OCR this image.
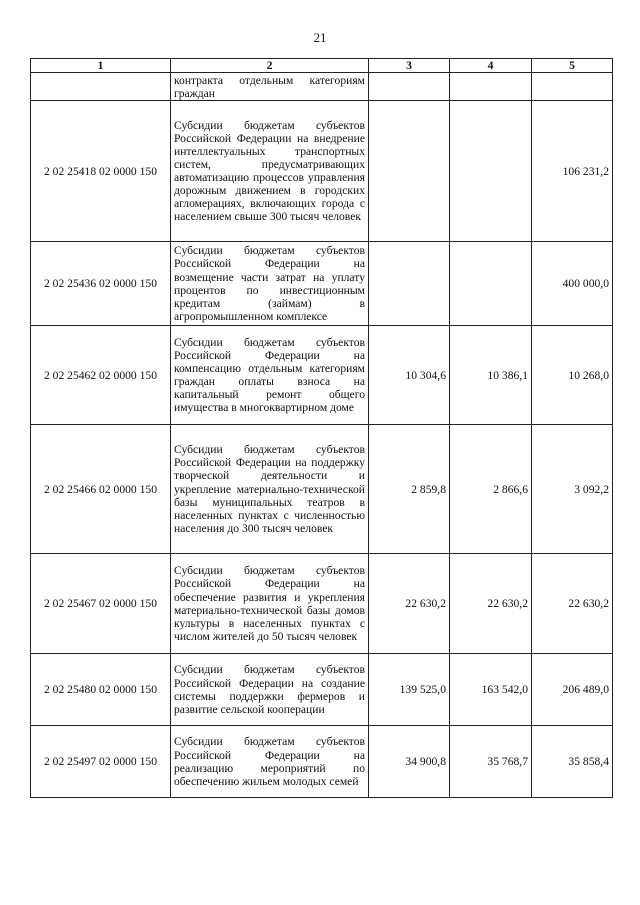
21
1	2	3	4	5
	контракта отдельным категориям граждан			
2 02 25418 02 0000 150	Субсидии бюджетам субъектов Российской Федерации на внедрение интеллектуальных транспортных систем, предусматривающих автоматизацию процессов управления дорожным движением в городских агломерациях, включающих города с населением свыше 300 тысяч человек			106 231,2
2 02 25436 02 0000 150	Субсидии бюджетам субъектов Российской Федерации на возмещение части затрат на уплату процентов по инвестиционным кредитам (займам) в агропромышленном комплексе			400 000,0
2 02 25462 02 0000 150	Субсидии бюджетам субъектов Российской Федерации на компенсацию отдельным категориям граждан оплаты взноса на капитальный ремонт общего имущества в многоквартирном доме	10 304,6	10 386,1	10 268,0
2 02 25466 02 0000 150	Субсидии бюджетам субъектов Российской Федерации на поддержку творческой деятельности и укрепление материально-технической базы муниципальных театров в населенных пунктах с численностью населения до 300 тысяч человек	2 859,8	2 866,6	3 092,2
2 02 25467 02 0000 150	Субсидии бюджетам субъектов Российской Федерации на обеспечение развития и укрепления материально-технической базы домов культуры в населенных пунктах с числом жителей до 50 тысяч человек	22 630,2	22 630,2	22 630,2
2 02 25480 02 0000 150	Субсидии бюджетам субъектов Российской Федерации на создание системы поддержки фермеров и развитие сельской кооперации	139 525,0	163 542,0	206 489,0
2 02 25497 02 0000 150	Субсидии бюджетам субъектов Российской Федерации на реализацию мероприятий по обеспечению жильем молодых семей	34 900,8	35 768,7	35 858,4
